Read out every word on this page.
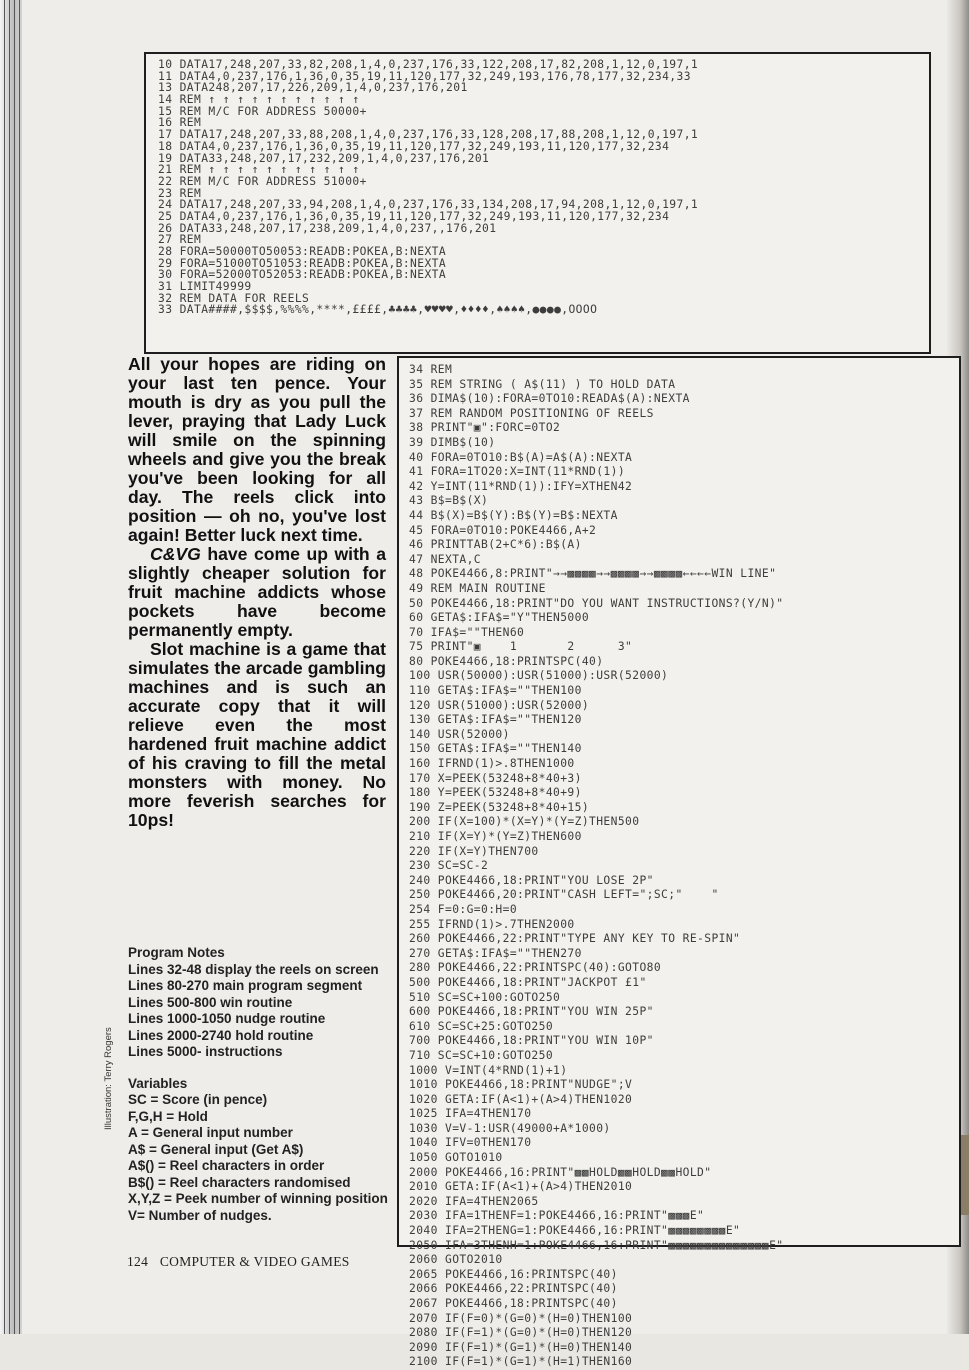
10 DATA17,248,207,33,82,208,1,4,0,237,176,33,122,208,17,82,208,1,12,0,197,1
11 DATA4,0,237,176,1,36,0,35,19,11,120,177,32,249,193,176,78,177,32,234,33
13 DATA248,207,17,226,209,1,4,0,237,176,201
14 REM ↑ ↑ ↑ ↑ ↑ ↑ ↑ ↑ ↑ ↑ ↑
15 REM M/C FOR ADDRESS 50000+
16 REM
17 DATA17,248,207,33,88,208,1,4,0,237,176,33,128,208,17,88,208,1,12,0,197,1
18 DATA4,0,237,176,1,36,0,35,19,11,120,177,32,249,193,11,120,177,32,234
19 DATA33,248,207,17,232,209,1,4,0,237,176,201
21 REM ↑ ↑ ↑ ↑ ↑ ↑ ↑ ↑ ↑ ↑ ↑
22 REM M/C FOR ADDRESS 51000+
23 REM
24 DATA17,248,207,33,94,208,1,4,0,237,176,33,134,208,17,94,208,1,12,0,197,1
25 DATA4,0,237,176,1,36,0,35,19,11,120,177,32,249,193,11,120,177,32,234
26 DATA33,248,207,17,238,209,1,4,0,237,,176,201
27 REM
28 FORA=50000TO50053:READB:POKEA,B:NEXTA
29 FORA=51000TO51053:READB:POKEA,B:NEXTA
30 FORA=52000TO52053:READB:POKEA,B:NEXTA
31 LIMIT49999
32 REM DATA FOR REELS
33 DATA####,$$$$,%%%%,****,££££,♣♣♣♣,♥♥♥♥,♦♦♦♦,♠♠♠♠,●●●●,OOOO
34 REM
35 REM STRING ( A$(11) ) TO HOLD DATA
36 DIMA$(10):FORA=0TO10:READA$(A):NEXTA
37 REM RANDOM POSITIONING OF REELS
38 PRINT"▣":FORC=0TO2
39 DIMB$(10)
40 FORA=0TO10:B$(A)=A$(A):NEXTA
41 FORA=1TO20:X=INT(11*RND(1))
42 Y=INT(11*RND(1)):IFY=XTHEN42
43 B$=B$(X)
44 B$(X)=B$(Y):B$(Y)=B$:NEXTA
45 FORA=0TO10:POKE4466,A+2
46 PRINTTAB(2+C*6):B$(A)
47 NEXTA,C
48 POKE4466,8:PRINT"→→▩▩▩▩→→▩▩▩▩→→▩▩▩▩←←←←WIN LINE"
49 REM MAIN ROUTINE
50 POKE4466,18:PRINT"DO YOU WANT INSTRUCTIONS?(Y/N)"
60 GETA$:IFA$="Y"THEN5000
70 IFA$=""THEN60
75 PRINT"▣    1       2      3"
80 POKE4466,18:PRINTSPC(40)
100 USR(50000):USR(51000):USR(52000)
110 GETA$:IFA$=""THEN100
120 USR(51000):USR(52000)
130 GETA$:IFA$=""THEN120
140 USR(52000)
150 GETA$:IFA$=""THEN140
160 IFRND(1)>.8THEN1000
170 X=PEEK(53248+8*40+3)
180 Y=PEEK(53248+8*40+9)
190 Z=PEEK(53248+8*40+15)
200 IF(X=100)*(X=Y)*(Y=Z)THEN500
210 IF(X=Y)*(Y=Z)THEN600
220 IF(X=Y)THEN700
230 SC=SC-2
240 POKE4466,18:PRINT"YOU LOSE 2P"
250 POKE4466,20:PRINT"CASH LEFT=";SC;"    "
254 F=0:G=0:H=0
255 IFRND(1)>.7THEN2000
260 POKE4466,22:PRINT"TYPE ANY KEY TO RE-SPIN"
270 GETA$:IFA$=""THEN270
280 POKE4466,22:PRINTSPC(40):GOTO80
500 POKE4466,18:PRINT"JACKPOT £1"
510 SC=SC+100:GOTO250
600 POKE4466,18:PRINT"YOU WIN 25P"
610 SC=SC+25:GOTO250
700 POKE4466,18:PRINT"YOU WIN 10P"
710 SC=SC+10:GOTO250
1000 V=INT(4*RND(1)+1)
1010 POKE4466,18:PRINT"NUDGE";V
1020 GETA:IF(A<1)+(A>4)THEN1020
1025 IFA=4THEN170
1030 V=V-1:USR(49000+A*1000)
1040 IFV=0THEN170
1050 GOTO1010
2000 POKE4466,16:PRINT"▩▩HOLD▩▩HOLD▩▩HOLD"
2010 GETA:IF(A<1)+(A>4)THEN2010
2020 IFA=4THEN2065
2030 IFA=1THENF=1:POKE4466,16:PRINT"▩▩▩E"
2040 IFA=2THENG=1:POKE4466,16:PRINT"▩▩▩▩▩▩▩▩E"
2050 IFA=3THENH=1:POKE4466,16:PRINT"▩▩▩▩▩▩▩▩▩▩▩▩▩▩E"
2060 GOTO2010
2065 POKE4466,16:PRINTSPC(40)
2066 POKE4466,22:PRINTSPC(40)
2067 POKE4466,18:PRINTSPC(40)
2070 IF(F=0)*(G=0)*(H=0)THEN100
2080 IF(F=1)*(G=0)*(H=0)THEN120
2090 IF(F=1)*(G=1)*(H=0)THEN140
2100 IF(F=1)*(G=1)*(H=1)THEN160

All your hopes are riding on your last ten pence. Your mouth is dry as you pull the lever, praying that Lady Luck will smile on the spinning wheels and give you the break you've been looking for all day. The reels click into position — oh no, you've lost again! Better luck next time.

C&VG have come up with a slightly cheaper solution for fruit machine addicts whose pockets have become permanently empty.

Slot machine is a game that simulates the arcade gambling machines and is such an accurate copy that it will relieve even the most hardened fruit machine addict of his craving to fill the metal monsters with money. No more feverish searches for 10ps!

Program Notes
Lines 32-48 display the reels on screen
Lines 80-270 main program segment
Lines 500-800 win routine
Lines 1000-1050 nudge routine
Lines 2000-2740 hold routine
Lines 5000- instructions
Variables
SC = Score (in pence)
F,G,H = Hold
A = General input number
A$ = General input (Get A$)
A$() = Reel characters in order
B$() = Reel characters randomised
X,Y,Z = Peek number of winning position
V= Number of nudges.
Illustration: Terry Rogers
124 COMPUTER & VIDEO GAMES
